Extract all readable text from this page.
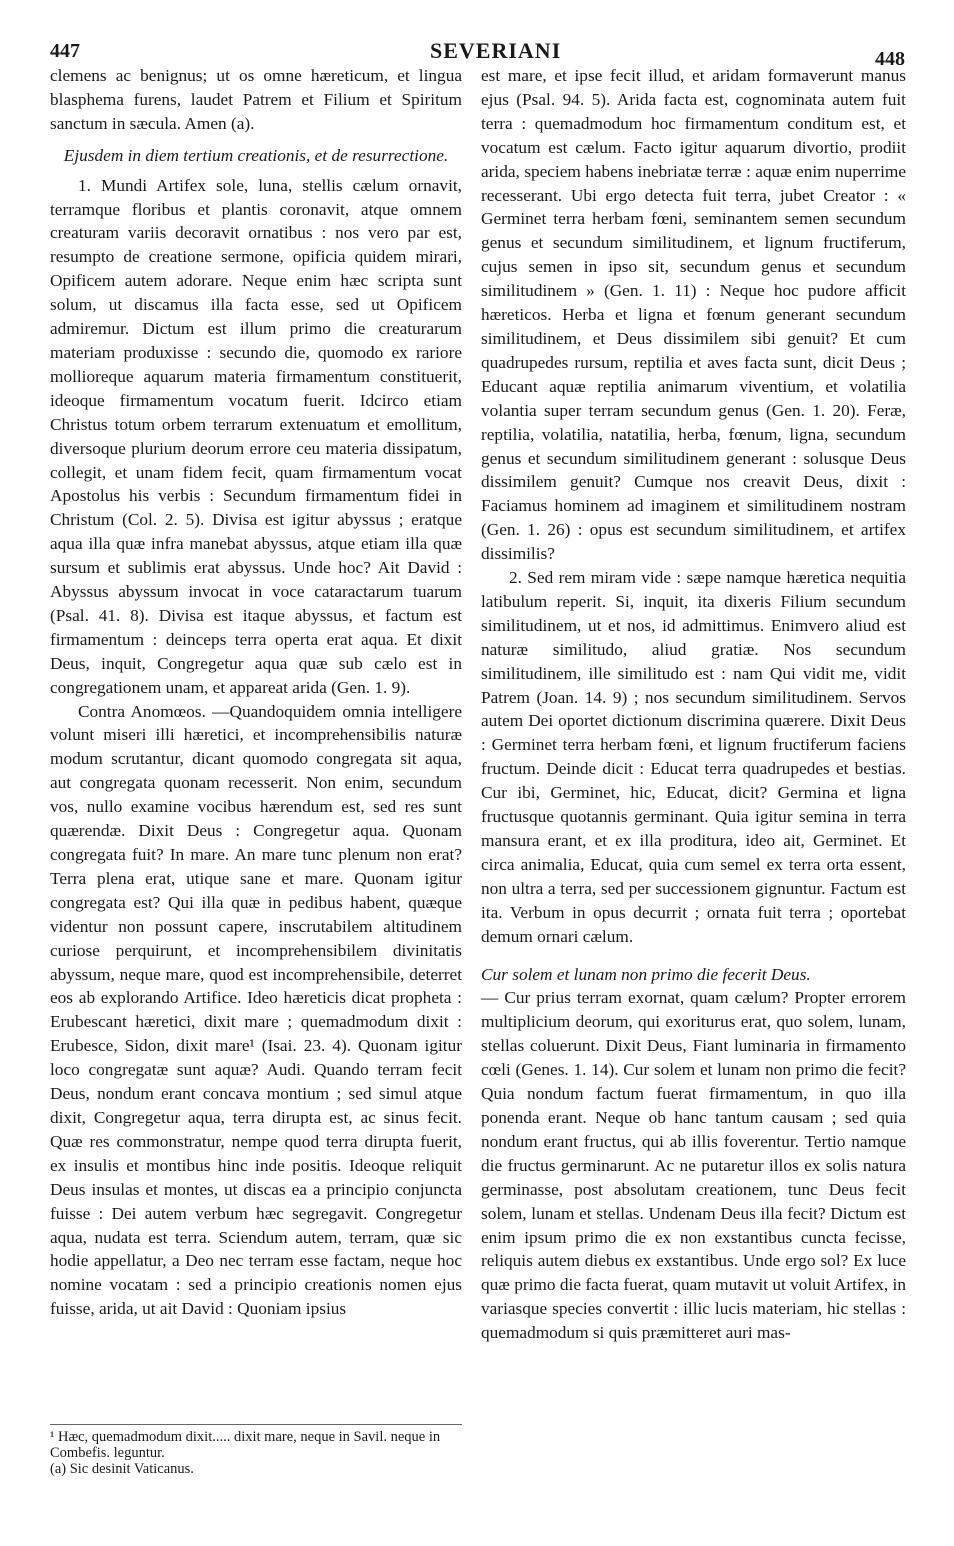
447	SEVERIANI	448

clemens ac benignus; ut os omne hæreticum, et lingua blasphema furens, laudet Patrem et Filium et Spiritum sanctum in sæcula. Amen (a).

Ejusdem in diem tertium creationis, et de resurrectione.

1. Mundi Artifex sole, luna, stellis cælum ornavit, terramque floribus et plantis coronavit, atque omnem creaturam variis decoravit ornatibus : nos vero par est, resumpto de creatione sermone, opificia quidem mirari, Opificem autem adorare. Neque enim hæc scripta sunt solum, ut discamus illa facta esse, sed ut Opificem admiremur. Dictum est illum primo die creaturarum materiam produxisse : secundo die, quomodo ex rariore mollioreque aquarum materia firmamentum constituerit, ideoque firmamentum vocatum fuerit. Idcirco etiam Christus totum orbem terrarum extenuatum et emollitum, diversoque plurium deorum errore ceu materia dissipatum, collegit, et unam fidem fecit, quam firmamentum vocat Apostolus his verbis : Secundum firmamentum fidei in Christum (Col. 2. 5). Divisa est igitur abyssus ; eratque aqua illa quæ infra manebat abyssus, atque etiam illa quæ sursum et sublimis erat abyssus. Unde hoc? Ait David : Abyssus abyssum invocat in voce cataractarum tuarum (Psal. 41. 8). Divisa est itaque abyssus, et factum est firmamentum : deinceps terra operta erat aqua. Et dixit Deus, inquit, Congregetur aqua quæ sub cælo est in congregationem unam, et appareat arida (Gen. 1. 9).

Contra Anomœos. —Quandoquidem omnia intelligere volunt miseri illi hæretici, et incomprehensibilis naturæ modum scrutantur, dicant quomodo congregata sit aqua, aut congregata quonam recesserit. Non enim, secundum vos, nullo examine vocibus hærendum est, sed res sunt quærendæ. Dixit Deus : Congregetur aqua. Quonam congregata fuit? In mare. An mare tunc plenum non erat? Terra plena erat, utique sane et mare. Quonam igitur congregata est? Qui illa quæ in pedibus habent, quæque videntur non possunt capere, inscrutabilem altitudinem curiose perquirunt, et incomprehensibilem divinitatis abyssum, neque mare, quod est incomprehensibile, deterret eos ab explorando Artifice. Ideo hæreticis dicat propheta : Erubescant hæretici, dixit mare ; quemadmodum dixit : Erubesce, Sidon, dixit mare¹ (Isai. 23. 4). Quonam igitur loco congregatæ sunt aquæ? Audi. Quando terram fecit Deus, nondum erant concava montium ; sed simul atque dixit, Congregetur aqua, terra dirupta est, ac sinus fecit. Quæ res commonstratur, nempe quod terra dirupta fuerit, ex insulis et montibus hinc inde positis. Ideoque reliquit Deus insulas et montes, ut discas ea a principio conjuncta fuisse : Dei autem verbum hæc segregavit. Congregetur aqua, nudata est terra. Sciendum autem, terram, quæ sic hodie appellatur, a Deo nec terram esse factam, neque hoc nomine vocatam : sed a principio creationis nomen ejus fuisse, arida, ut ait David : Quoniam ipsius

¹ Hæc, quemadmodum dixit..... dixit mare, neque in Savil. neque in Combefis. leguntur.

(a) Sic desinit Vaticanus.

est mare, et ipse fecit illud, et aridam formaverunt manus ejus (Psal. 94. 5). Arida facta est, cognominata autem fuit terra : quemadmodum hoc firmamentum conditum est, et vocatum est cælum. Facto igitur aquarum divortio, prodiit arida, speciem habens inebriatæ terræ : aquæ enim nuperrime recesserant. Ubi ergo detecta fuit terra, jubet Creator : « Germinet terra herbam fœni, seminantem semen secundum genus et secundum similitudinem, et lignum fructiferum, cujus semen in ipso sit, secundum genus et secundum similitudinem » (Gen. 1. 11) : Neque hoc pudore afficit hæreticos. Herba et ligna et fœnum generant secundum similitudinem, et Deus dissimilem sibi genuit? Et cum quadrupedes rursum, reptilia et aves facta sunt, dicit Deus ; Educant aquæ reptilia animarum viventium, et volatilia volantia super terram secundum genus (Gen. 1. 20). Feræ, reptilia, volatilia, natatilia, herba, fœnum, ligna, secundum genus et secundum similitudinem generant : solusque Deus dissimilem genuit? Cumque nos creavit Deus, dixit : Faciamus hominem ad imaginem et similitudinem nostram (Gen. 1. 26) : opus est secundum similitudinem, et artifex dissimilis?

2. Sed rem miram vide : sæpe namque hæretica nequitia latibulum reperit. Si, inquit, ita dixeris Filium secundum similitudinem, ut et nos, id admittimus. Enimvero aliud est naturæ similitudo, aliud gratiæ. Nos secundum similitudinem, ille similitudo est : nam Qui vidit me, vidit Patrem (Joan. 14. 9) ; nos secundum similitudinem. Servos autem Dei oportet dictionum discrimina quærere. Dixit Deus : Germinet terra herbam fœni, et lignum fructiferum faciens fructum. Deinde dicit : Educat terra quadrupedes et bestias. Cur ibi, Germinet, hic, Educat, dicit? Germina et ligna fructusque quotannis germinant. Quia igitur semina in terra mansura erant, et ex illa proditura, ideo ait, Germinet. Et circa animalia, Educat, quia cum semel ex terra orta essent, non ultra a terra, sed per successionem gignuntur. Factum est ita. Verbum in opus decurrit ; ornata fuit terra ; oportebat demum ornari cælum.

Cur solem et lunam non primo die fecerit Deus.

— Cur prius terram exornat, quam cælum? Propter errorem multiplicium deorum, qui exoriturus erat, quo solem, lunam, stellas coluerunt. Dixit Deus, Fiant luminaria in firmamento cœli (Genes. 1. 14). Cur solem et lunam non primo die fecit? Quia nondum factum fuerat firmamentum, in quo illa ponenda erant. Neque ob hanc tantum causam ; sed quia nondum erant fructus, qui ab illis foverentur. Tertio namque die fructus germinarunt. Ac ne putaretur illos ex solis natura germinasse, post absolutam creationem, tunc Deus fecit solem, lunam et stellas. Undenam Deus illa fecit? Dictum est enim ipsum primo die ex non exstantibus cuncta fecisse, reliquis autem diebus ex exstantibus. Unde ergo sol? Ex luce quæ primo die facta fuerat, quam mutavit ut voluit Artifex, in variasque species convertit : illic lucis materiam, hic stellas : quemadmodum si quis præmitteret auri mas-
